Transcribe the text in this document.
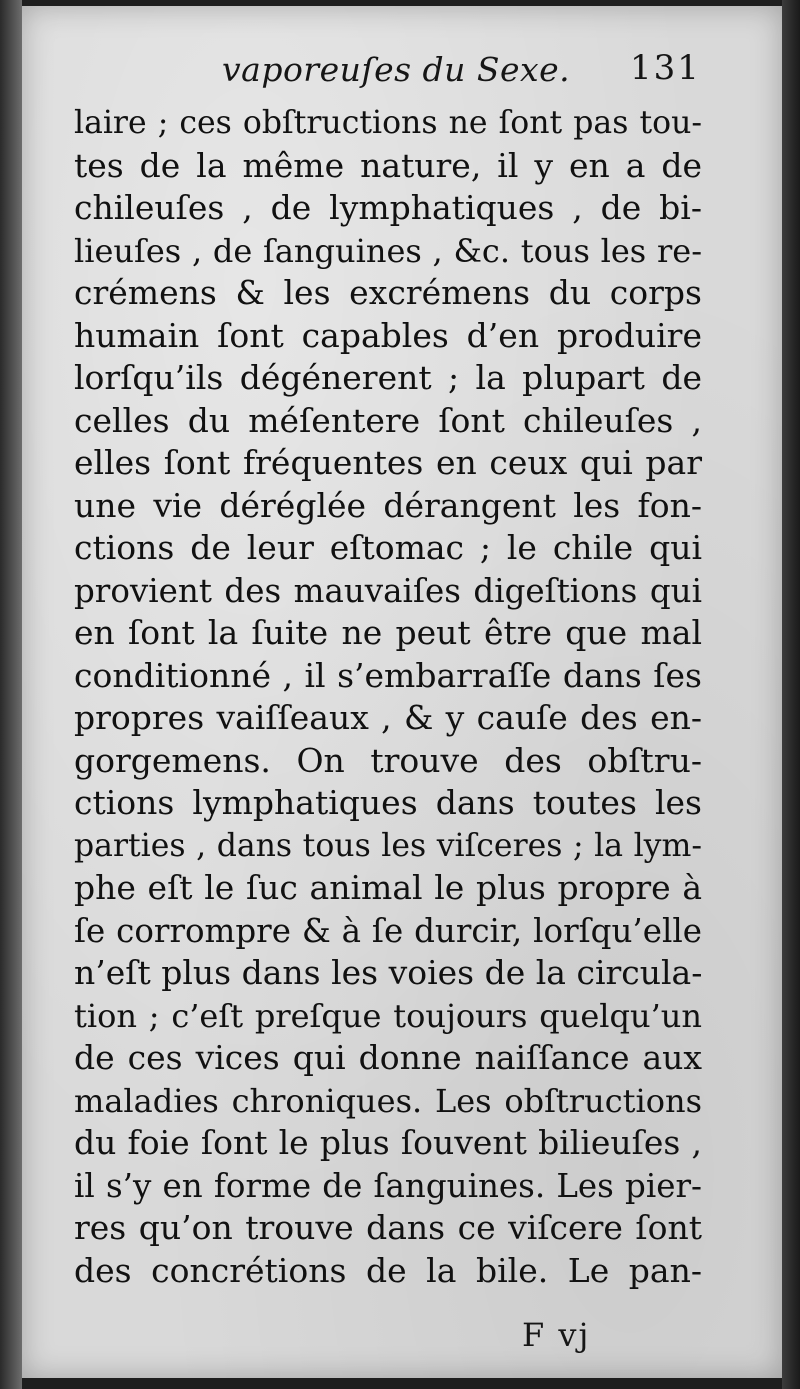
vaporeuſes du Sexe. 131
laire ; ces obſtructions ne ſont pas tou-
tes de la même nature, il y en a de
chileuſes , de lymphatiques , de bi-
lieuſes , de ſanguines , &c. tous les re-
crémens & les excrémens du corps
humain ſont capables d’en produire
lorſqu’ils dégénerent ; la plupart de
celles du méſentere ſont chileuſes ,
elles ſont fréquentes en ceux qui par
une vie déréglée dérangent les fon-
ctions de leur eſtomac ; le chile qui
provient des mauvaiſes digeſtions qui
en ſont la ſuite ne peut être que mal
conditionné , il s’embarraſſe dans ſes
propres vaiſſeaux , & y cauſe des en-
gorgemens. On trouve des obſtru-
ctions lymphatiques dans toutes les
parties , dans tous les viſceres ; la lym-
phe eſt le ſuc animal le plus propre à
ſe corrompre & à ſe durcir, lorſqu’elle
n’eſt plus dans les voies de la circula-
tion ; c’eſt preſque toujours quelqu’un
de ces vices qui donne naiſſance aux
maladies chroniques. Les obſtructions
du foie ſont le plus ſouvent bilieuſes ,
il s’y en forme de ſanguines. Les pier-
res qu’on trouve dans ce viſcere ſont
des concrétions de la bile. Le pan-
F vj
